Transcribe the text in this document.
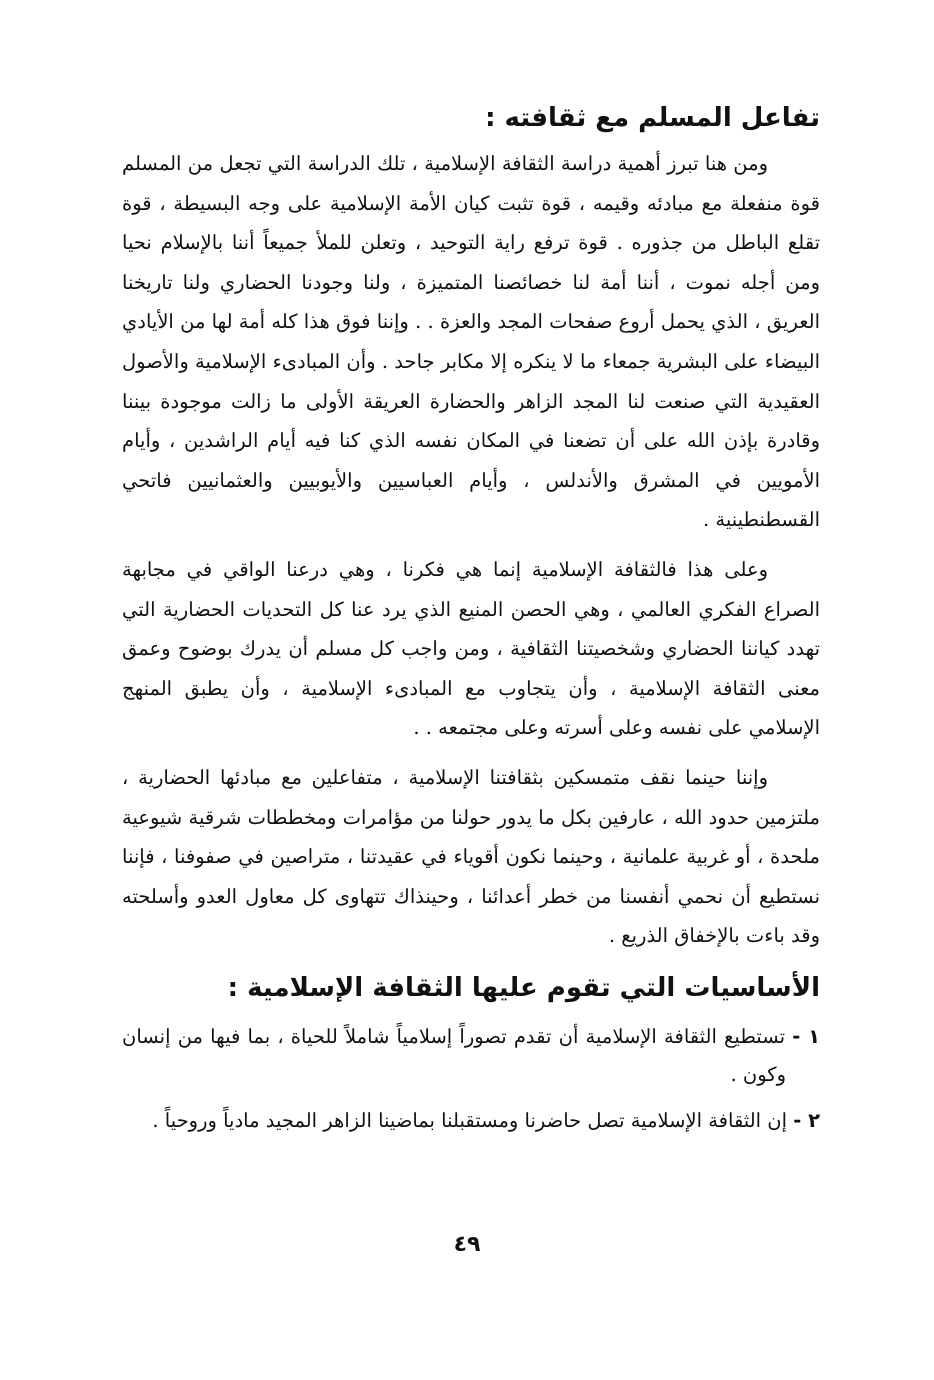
تفاعل المسلم مع ثقافته :

ومن هنا تبرز أهمية دراسة الثقافة الإسلامية ، تلك الدراسة التي تجعل من المسلم قوة منفعلة مع مبادئه وقيمه ، قوة تثبت كيان الأمة الإسلامية على وجه البسيطة ، قوة تقلع الباطل من جذوره . قوة ترفع راية التوحيد ، وتعلن للملأ جميعاً أننا بالإسلام نحيا ومن أجله نموت ، أننا أمة لنا خصائصنا المتميزة ، ولنا وجودنا الحضاري ولنا تاريخنا العريق ، الذي يحمل أروع صفحات المجد والعزة . . وإننا فوق هذا كله أمة لها من الأيادي البيضاء على البشرية جمعاء ما لا ينكره إلا مكابر جاحد . وأن المبادىء الإسلامية والأصول العقيدية التي صنعت لنا المجد الزاهر والحضارة العريقة الأولى ما زالت موجودة بيننا وقادرة بإذن الله على أن تضعنا في المكان نفسه الذي كنا فيه أيام الراشدين ، وأيام الأمويين في المشرق والأندلس ، وأيام العباسيين والأيوبيين والعثمانيين فاتحي القسطنطينية .

وعلى هذا فالثقافة الإسلامية إنما هي فكرنا ، وهي درعنا الواقي في مجابهة الصراع الفكري العالمي ، وهي الحصن المنيع الذي يرد عنا كل التحديات الحضارية التي تهدد كياننا الحضاري وشخصيتنا الثقافية ، ومن واجب كل مسلم أن يدرك بوضوح وعمق معنى الثقافة الإسلامية ، وأن يتجاوب مع المبادىء الإسلامية ، وأن يطبق المنهج الإسلامي على نفسه وعلى أسرته وعلى مجتمعه . .

وإننا حينما نقف متمسكين بثقافتنا الإسلامية ، متفاعلين مع مبادئها الحضارية ، ملتزمين حدود الله ، عارفين بكل ما يدور حولنا من مؤامرات ومخططات شرقية شيوعية ملحدة ، أو غربية علمانية ، وحينما نكون أقوياء في عقيدتنا ، متراصين في صفوفنا ، فإننا نستطيع أن نحمي أنفسنا من خطر أعدائنا ، وحينذاك تتهاوى كل معاول العدو وأسلحته وقد باءت بالإخفاق الذريع .

الأساسيات التي تقوم عليها الثقافة الإسلامية :
١ - تستطيع الثقافة الإسلامية أن تقدم تصوراً إسلامياً شاملاً للحياة ، بما فيها من إنسان وكون .
٢ - إن الثقافة الإسلامية تصل حاضرنا ومستقبلنا بماضينا الزاهر المجيد مادياً وروحياً .
٤٩
